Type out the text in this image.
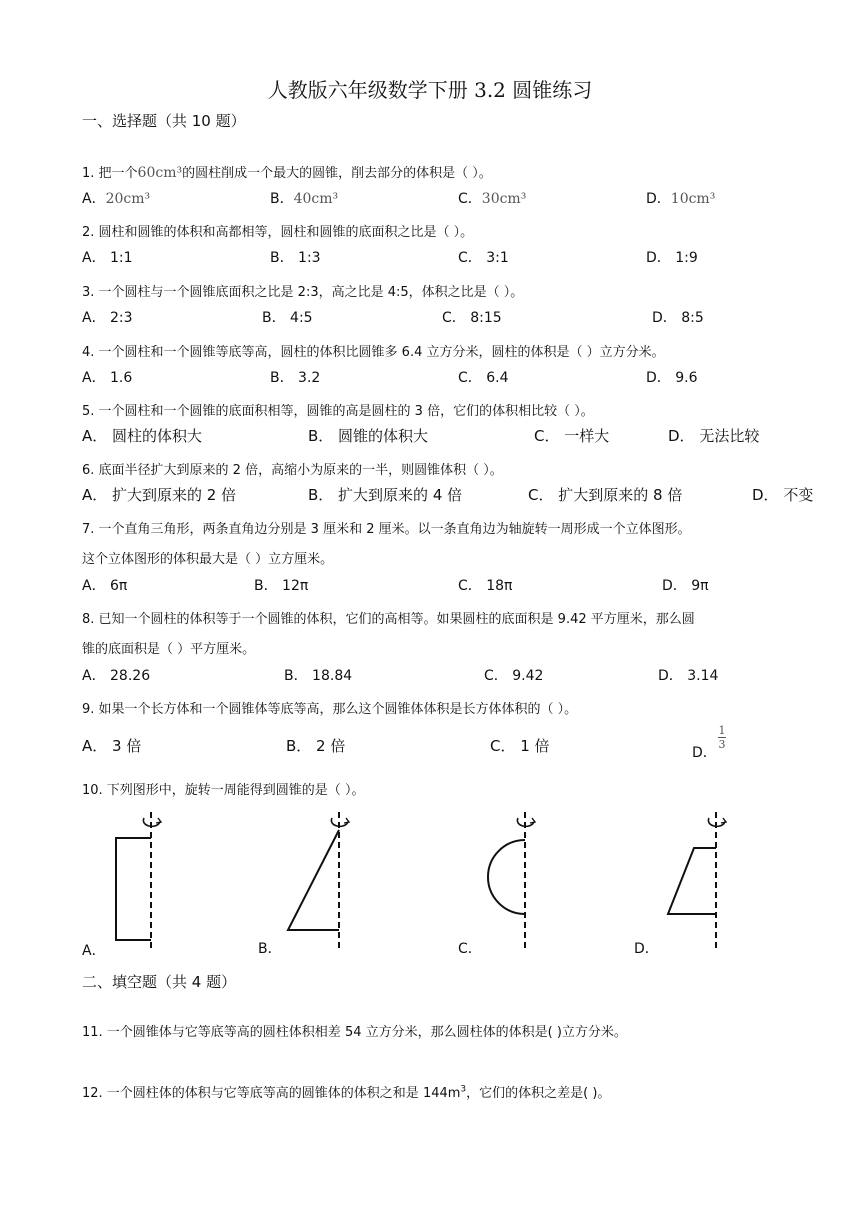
人教版六年级数学下册 3.2 圆锥练习
一、选择题（共 10 题）
1. 把一个60cm³的圆柱削成一个最大的圆锥，削去部分的体积是（ ）。
A．20cm³	B．40cm³	C．30cm³	D．10cm³
2. 圆柱和圆锥的体积和高都相等，圆柱和圆锥的底面积之比是（ ）。
A． 1:1	B． 1:3	C． 3:1	D． 1:9
3. 一个圆柱与一个圆锥底面积之比是 2:3，高之比是 4:5，体积之比是（ ）。
A． 2:3	B． 4:5	C． 8:15	D． 8:5
4. 一个圆柱和一个圆锥等底等高，圆柱的体积比圆锥多 6.4 立方分米，圆柱的体积是（ ）立方分米。
A． 1.6	B． 3.2	C． 6.4	D． 9.6
5. 一个圆柱和一个圆锥的底面积相等，圆锥的高是圆柱的 3 倍，它们的体积相比较（ ）。
A． 圆柱的体积大	B． 圆锥的体积大	C． 一样大	D． 无法比较
6. 底面半径扩大到原来的 2 倍，高缩小为原来的一半，则圆锥体积（ ）。
A． 扩大到原来的 2 倍	B． 扩大到原来的 4 倍	C． 扩大到原来的 8 倍	D． 不变
7. 一个直角三角形，两条直角边分别是 3 厘米和 2 厘米。以一条直角边为轴旋转一周形成一个立体图形。
这个立体图形的体积最大是（ ）立方厘米。
A． 6π	B． 12π	C． 18π	D． 9π
8. 已知一个圆柱的体积等于一个圆锥的体积，它们的高相等。如果圆柱的底面积是 9.42 平方厘米，那么圆
锥的底面积是（ ）平方厘米。
A． 28.26	B． 18.84	C． 9.42	D． 3.14
9. 如果一个长方体和一个圆锥体等底等高，那么这个圆锥体体积是长方体体积的（ ）。
A． 3 倍	B． 2 倍	C． 1 倍	D．
1
3
10. 下列图形中，旋转一周能得到圆锥的是（ ）。
A．	B．	C．	D．
二、填空题（共 4 题）
11. 一个圆锥体与它等底等高的圆柱体积相差 54 立方分米，那么圆柱体的体积是( )立方分米。
12. 一个圆柱体的体积与它等底等高的圆锥体的体积之和是 $144m^3$，它们的体积之差是( )。
